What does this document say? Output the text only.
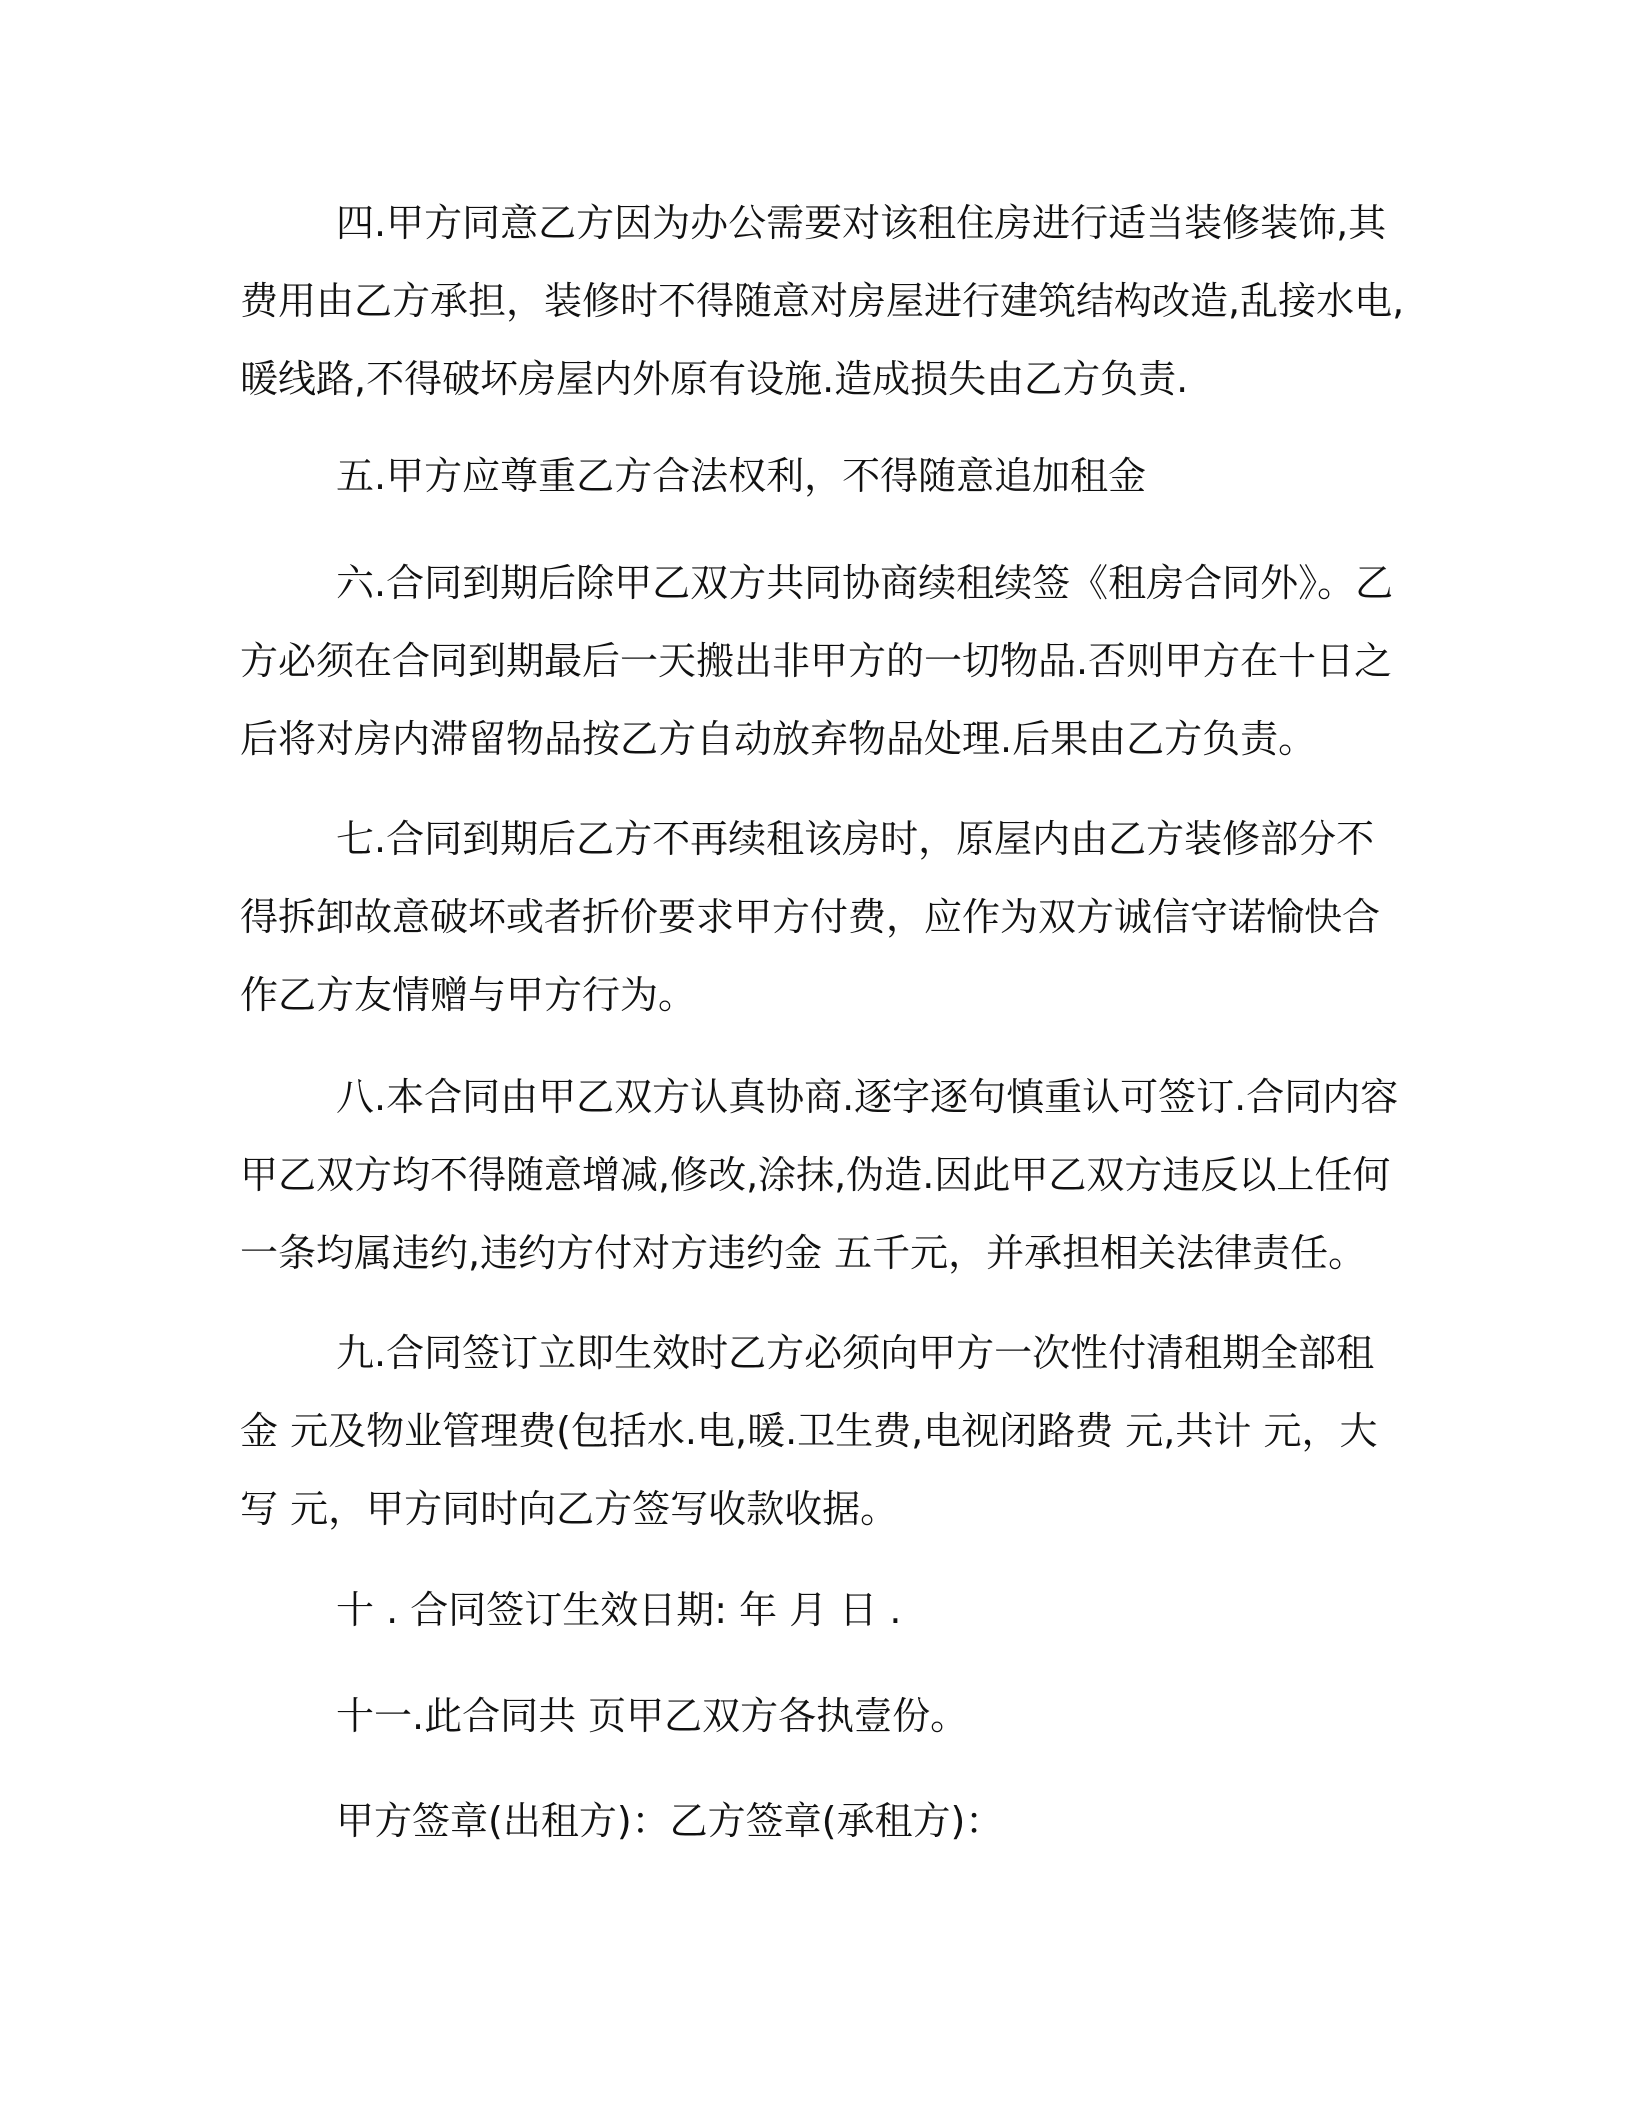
四.甲方同意乙方因为办公需要对该租住房进行适当装修装饰,其费用由乙方承担，装修时不得随意对房屋进行建筑结构改造,乱接水电,暖线路,不得破坏房屋内外原有设施.造成损失由乙方负责.

五.甲方应尊重乙方合法权利，不得随意追加租金

六.合同到期后除甲乙双方共同协商续租续签《租房合同外》。乙方必须在合同到期最后一天搬出非甲方的一切物品.否则甲方在十日之后将对房内滞留物品按乙方自动放弃物品处理.后果由乙方负责。

七.合同到期后乙方不再续租该房时，原屋内由乙方装修部分不得拆卸故意破坏或者折价要求甲方付费，应作为双方诚信守诺愉快合作乙方友情赠与甲方行为。

八.本合同由甲乙双方认真协商.逐字逐句慎重认可签订.合同内容甲乙双方均不得随意增减,修改,涂抹,伪造.因此甲乙双方违反以上任何一条均属违约,违约方付对方违约金 五千元，并承担相关法律责任。

九.合同签订立即生效时乙方必须向甲方一次性付清租期全部租金 元及物业管理费(包括水.电,暖.卫生费,电视闭路费 元,共计 元，大写 元，甲方同时向乙方签写收款收据。

十 . 合同签订生效日期: 年 月 日 .

十一.此合同共 页甲乙双方各执壹份。

甲方签章(出租方)：乙方签章(承租方)：
